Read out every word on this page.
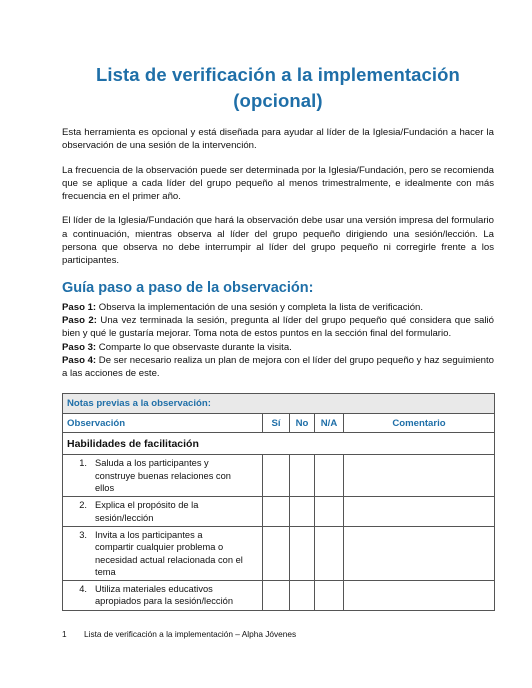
Lista de verificación a la implementación
(opcional)

Esta herramienta es opcional y está diseñada para ayudar al líder de la Iglesia/Fundación a hacer la observación de una sesión de la intervención.

La frecuencia de la observación puede ser determinada por la Iglesia/Fundación, pero se recomienda que se aplique a cada líder del grupo pequeño al menos trimestralmente, e idealmente con más frecuencia en el primer año.

El líder de la Iglesia/Fundación que hará la observación debe usar una versión impresa del formulario a continuación, mientras observa al líder del grupo pequeño dirigiendo una sesión/lección. La persona que observa no debe interrumpir al líder del grupo pequeño ni corregirle frente a los participantes.

Guía paso a paso de la observación:

Paso 1: Observa la implementación de una sesión y completa la lista de verificación.

Paso 2: Una vez terminada la sesión, pregunta al líder del grupo pequeño qué considera que salió bien y qué le gustaría mejorar. Toma nota de estos puntos en la sección final del formulario.

Paso 3: Comparte lo que observaste durante la visita.

Paso 4: De ser necesario realiza un plan de mejora con el líder del grupo pequeño y haz seguimiento a las acciones de este.

Notas previas a la observación:				
Observación	Sí	No	N/A	Comentario
Habilidades de facilitación				
1. Saluda a los participantes y construye buenas relaciones con ellos				
2. Explica el propósito de la sesión/lección				
3. Invita a los participantes a compartir cualquier problema o necesidad actual relacionada con el tema				
4. Utiliza materiales educativos apropiados para la sesión/lección				
1 Lista de verificación a la implementación – Alpha Jóvenes
